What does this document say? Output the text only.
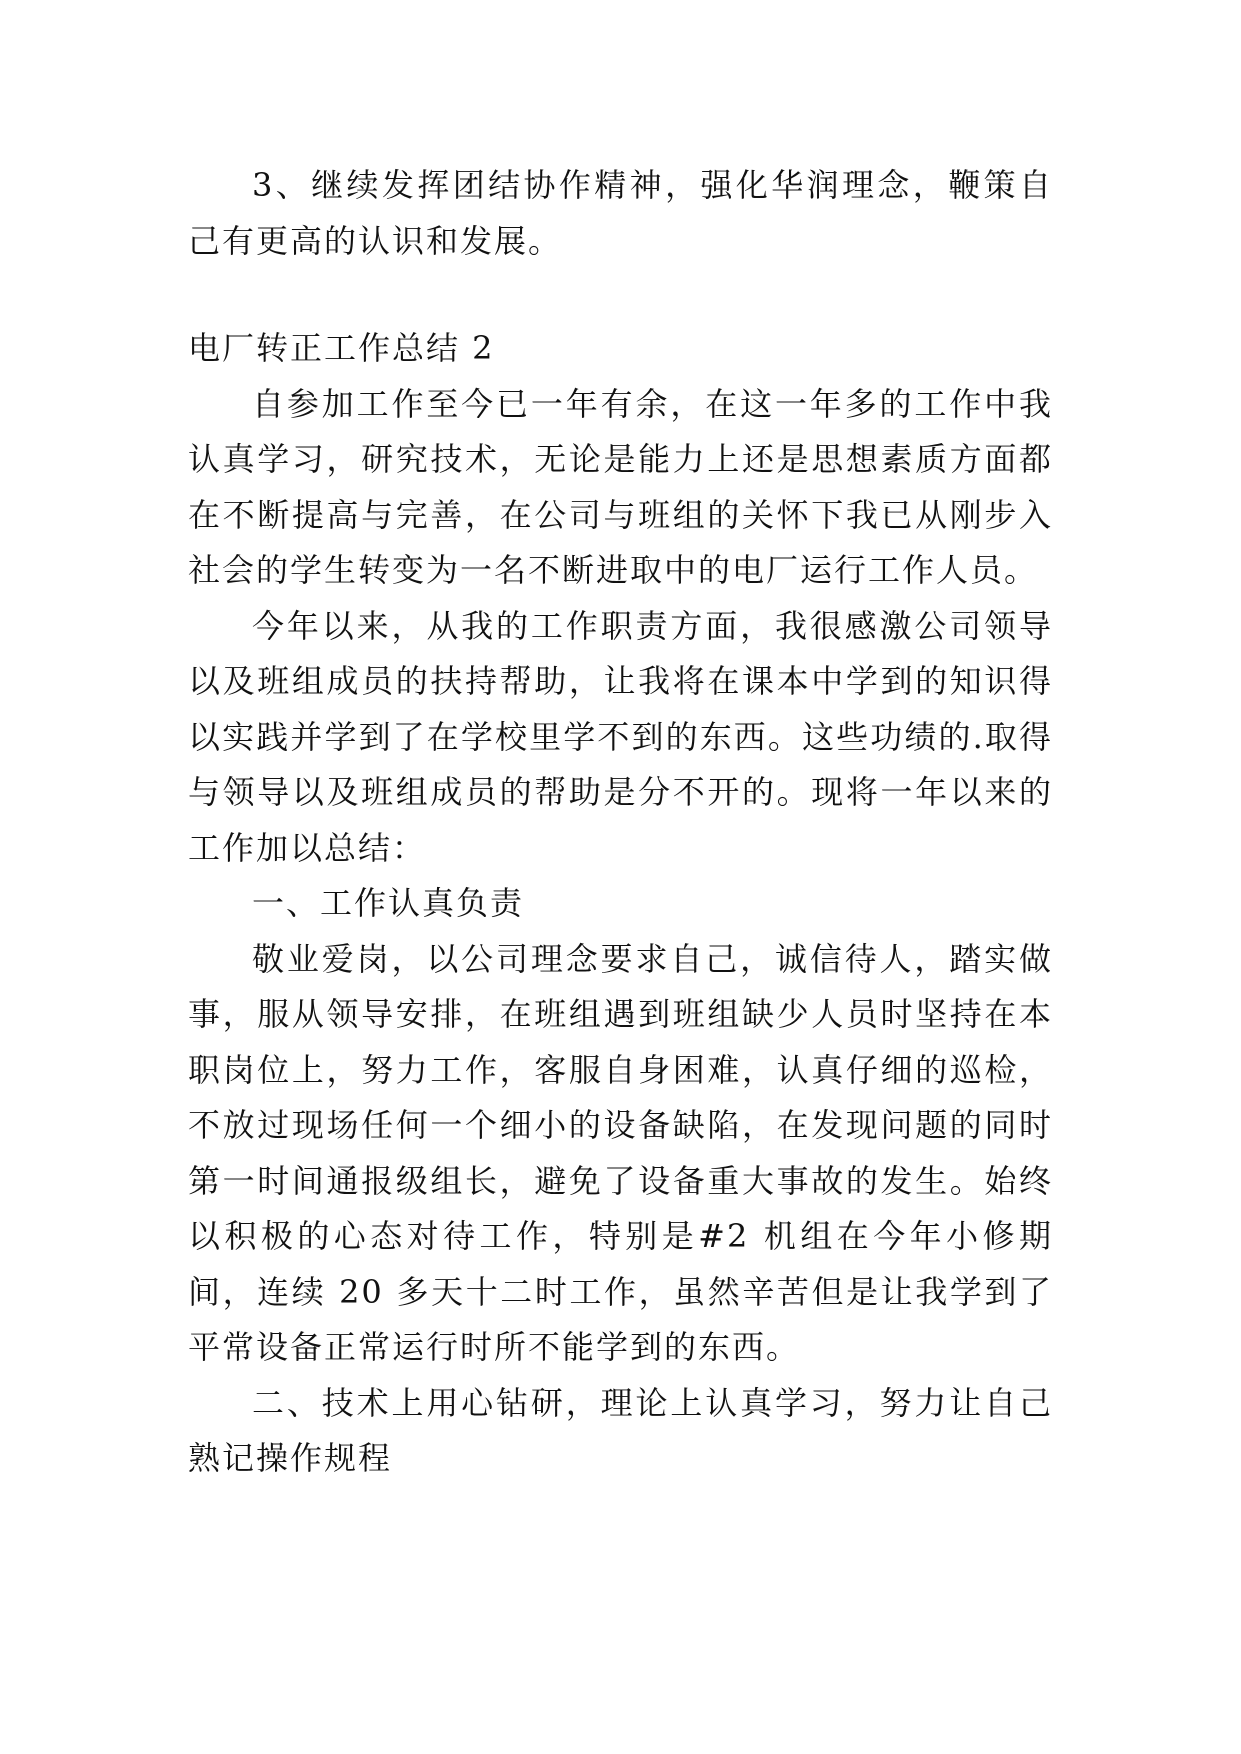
3、继续发挥团结协作精神，强化华润理念，鞭策自己有更高的认识和发展。

电厂转正工作总结 2

自参加工作至今已一年有余，在这一年多的工作中我认真学习，研究技术，无论是能力上还是思想素质方面都在不断提高与完善，在公司与班组的关怀下我已从刚步入社会的学生转变为一名不断进取中的电厂运行工作人员。

今年以来，从我的工作职责方面，我很感激公司领导以及班组成员的扶持帮助，让我将在课本中学到的知识得以实践并学到了在学校里学不到的东西。这些功绩的.取得与领导以及班组成员的帮助是分不开的。现将一年以来的工作加以总结：

一、工作认真负责

敬业爱岗，以公司理念要求自己，诚信待人，踏实做事，服从领导安排，在班组遇到班组缺少人员时坚持在本职岗位上，努力工作，客服自身困难，认真仔细的巡检，不放过现场任何一个细小的设备缺陷，在发现问题的同时第一时间通报级组长，避免了设备重大事故的发生。始终以积极的心态对待工作，特别是#2 机组在今年小修期间，连续 20 多天十二时工作，虽然辛苦但是让我学到了平常设备正常运行时所不能学到的东西。

二、技术上用心钻研，理论上认真学习，努力让自己熟记操作规程
